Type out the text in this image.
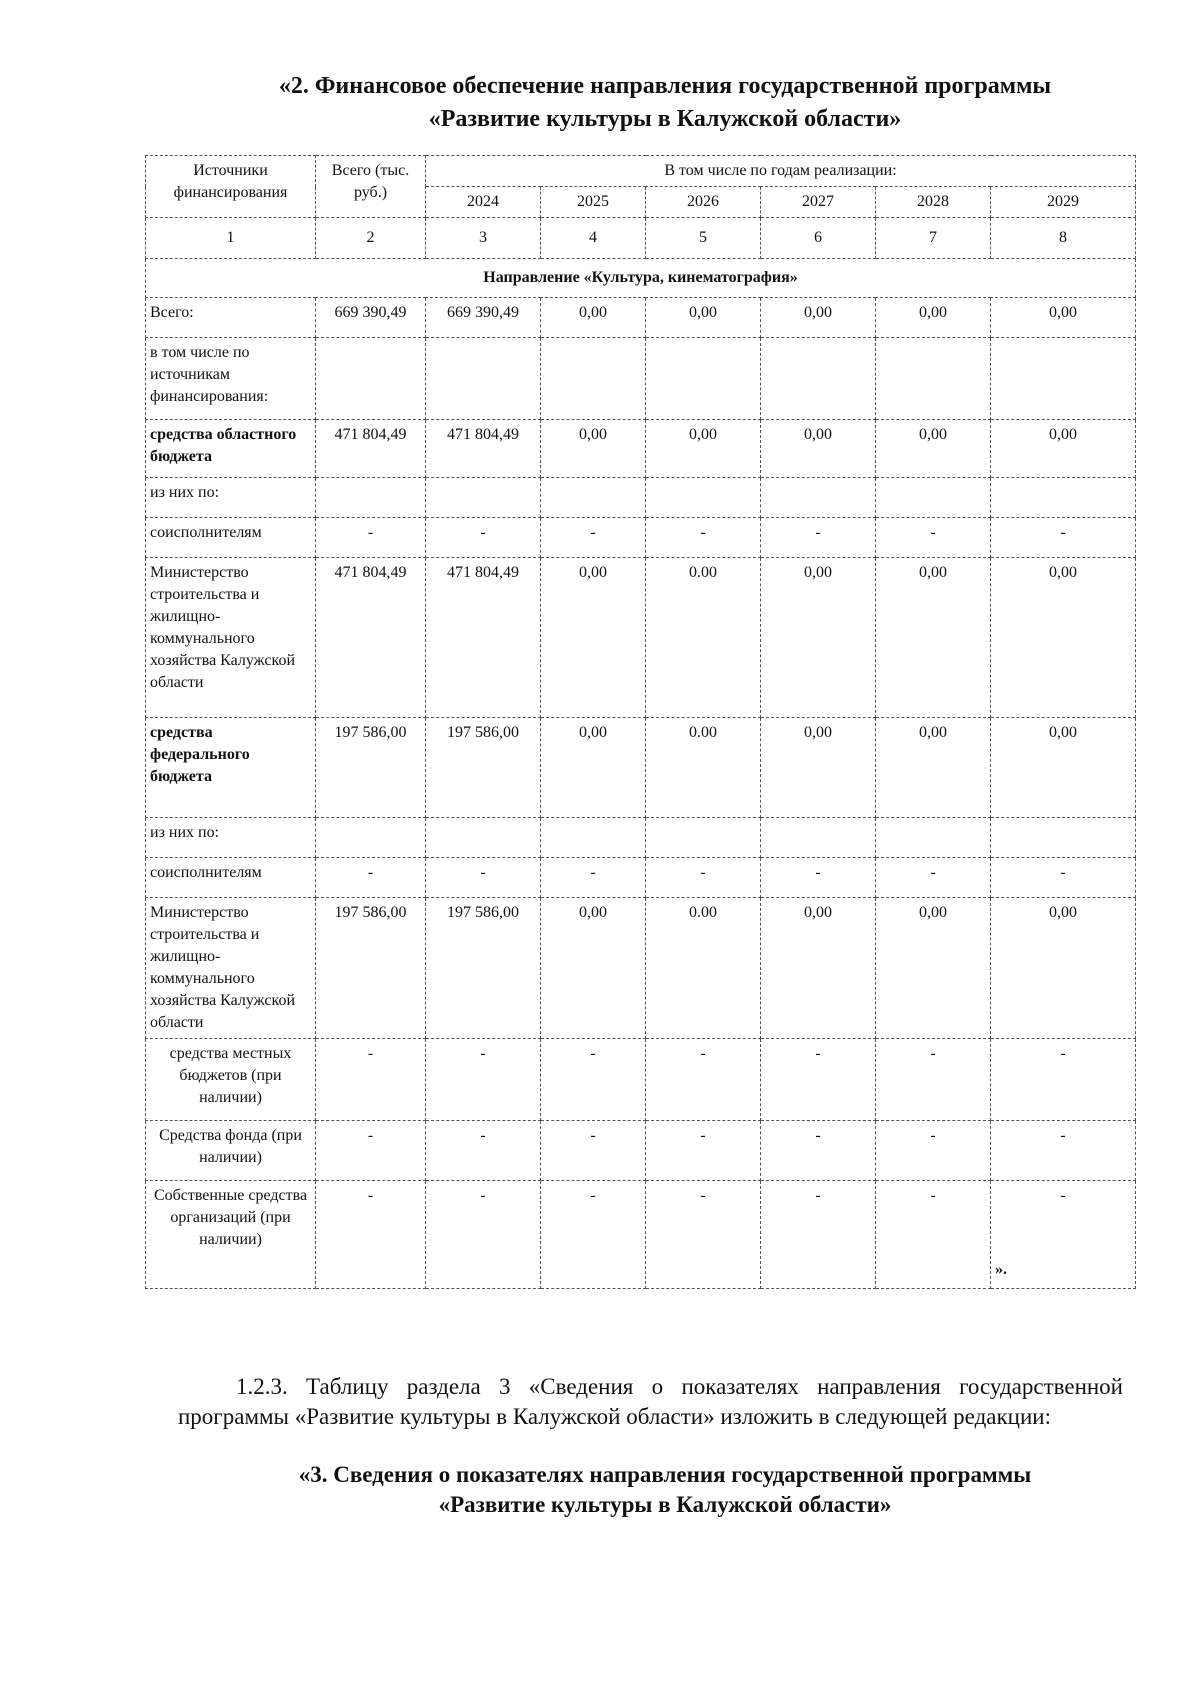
«2. Финансовое обеспечение направления государственной программы
«Развитие культуры в Калужской области»
Источники финансирования	Всего (тыс. руб.)	В том числе по годам реализации:					
		2024	2025	2026	2027	2028	2029
1	2	3	4	5	6	7	8
Направление «Культура, кинематография»							
Всего:	669 390,49	669 390,49	0,00	0,00	0,00	0,00	0,00
в том числе по источникам финансирования:							
средства областного бюджета	471 804,49	471 804,49	0,00	0,00	0,00	0,00	0,00
из них по:							
соисполнителям	-	-	-	-	-	-	-
Министерство строительства и жилищно-коммунального хозяйства Калужской области	471 804,49	471 804,49	0,00	0.00	0,00	0,00	0,00
средства федерального бюджета	197 586,00	197 586,00	0,00	0.00	0,00	0,00	0,00
из них по:							
соисполнителям	-	-	-	-	-	-	-
Министерство строительства и жилищно-коммунального хозяйства Калужской области	197 586,00	197 586,00	0,00	0.00	0,00	0,00	0,00
средства местных бюджетов (при наличии)	-	-	-	-	-	-	-
Средства фонда (при наличии)	-	-	-	-	-	-	-
Собственные средства организаций (при наличии)	-	-	-	-	-	-	-
».
1.2.3. Таблицу раздела 3 «Сведения о показателях направления государственной программы «Развитие культуры в Калужской области» изложить в следующей редакции:
«3. Сведения о показателях направления государственной программы
«Развитие культуры в Калужской области»
